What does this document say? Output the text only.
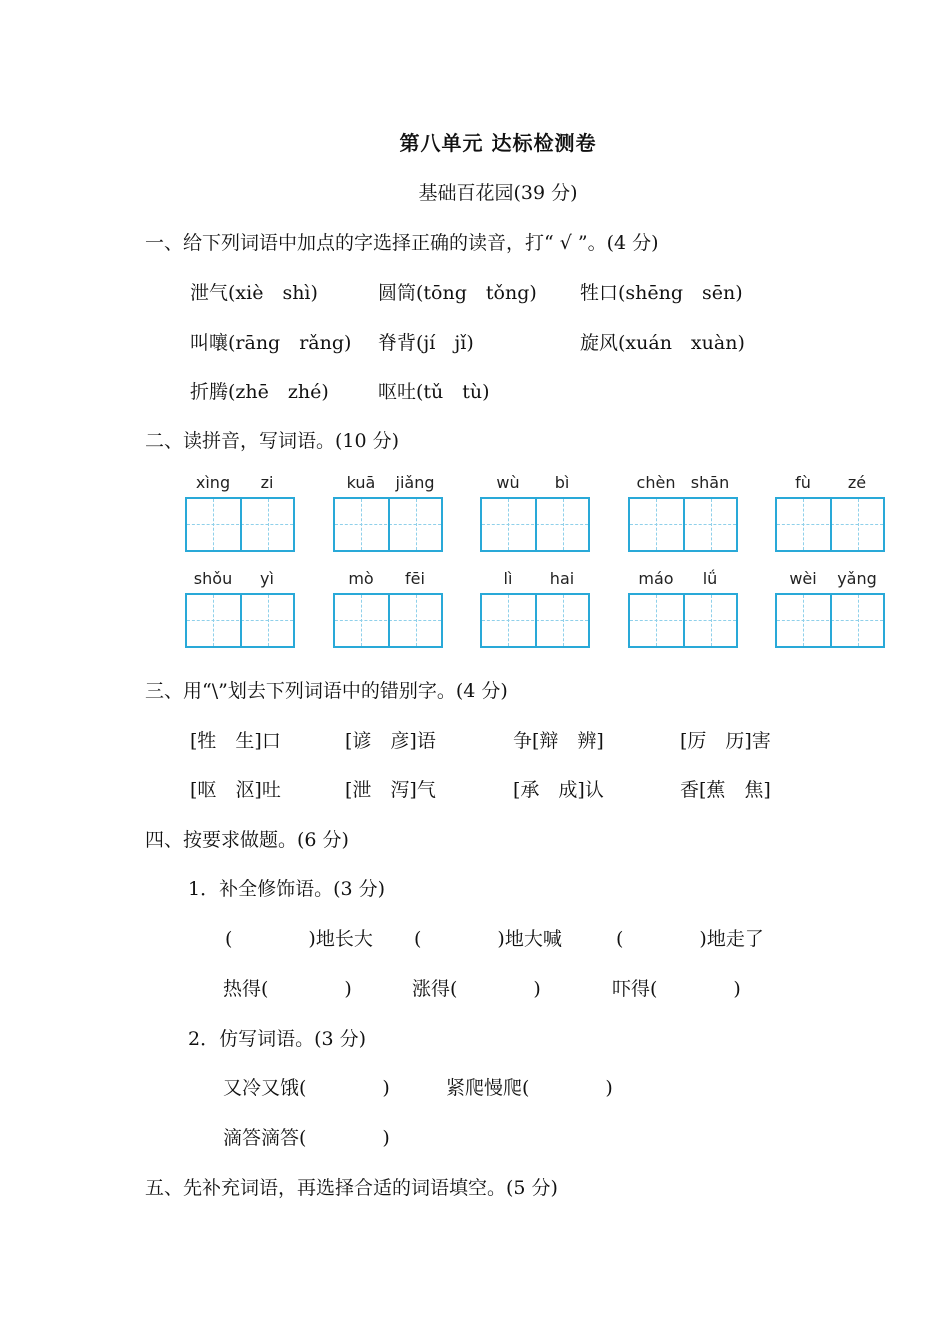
第八单元 达标检测卷
基础百花园(39 分)
一、给下列词语中加点的字选择正确的读音，打“ √ ”。(4 分)
泄气(xiè　shì)	圆筒(tōng　tǒng) 牲口(shēng　sēn)
叫嚷(rāng　rǎng) 脊背(jí　jǐ)	旋风(xuán　xuàn)
折腾(zhē　zhé)	呕吐(tǔ　tù)
二、读拼音，写词语。(10 分)
xìng	zi	kuā	jiǎng	wù	bì	chèn shān	fù	zé
shǒu	yì	mò	fēi	lì	hai	máo	lǘ	wèi	yǎng
三、用“\”划去下列词语中的错别字。(4 分)
[牲　生]口	[谚　彦]语	争[辩　辨]	[厉　历]害
[呕　沤]吐	[泄　泻]气	[承　成]认	香[蕉　焦]
四、按要求做题。(6 分)
1．补全修饰语。(3 分)
(　　　　)地长大 (　　　　)地大喊	(　　　　)地走了
热得(　　　　)	涨得(　　　　)	吓得(　　　　)
2．仿写词语。(3 分)
又冷又饿(　　　　)	紧爬慢爬(　　　　)
滴答滴答(　　　　)
五、先补充词语，再选择合适的词语填空。(5 分)
